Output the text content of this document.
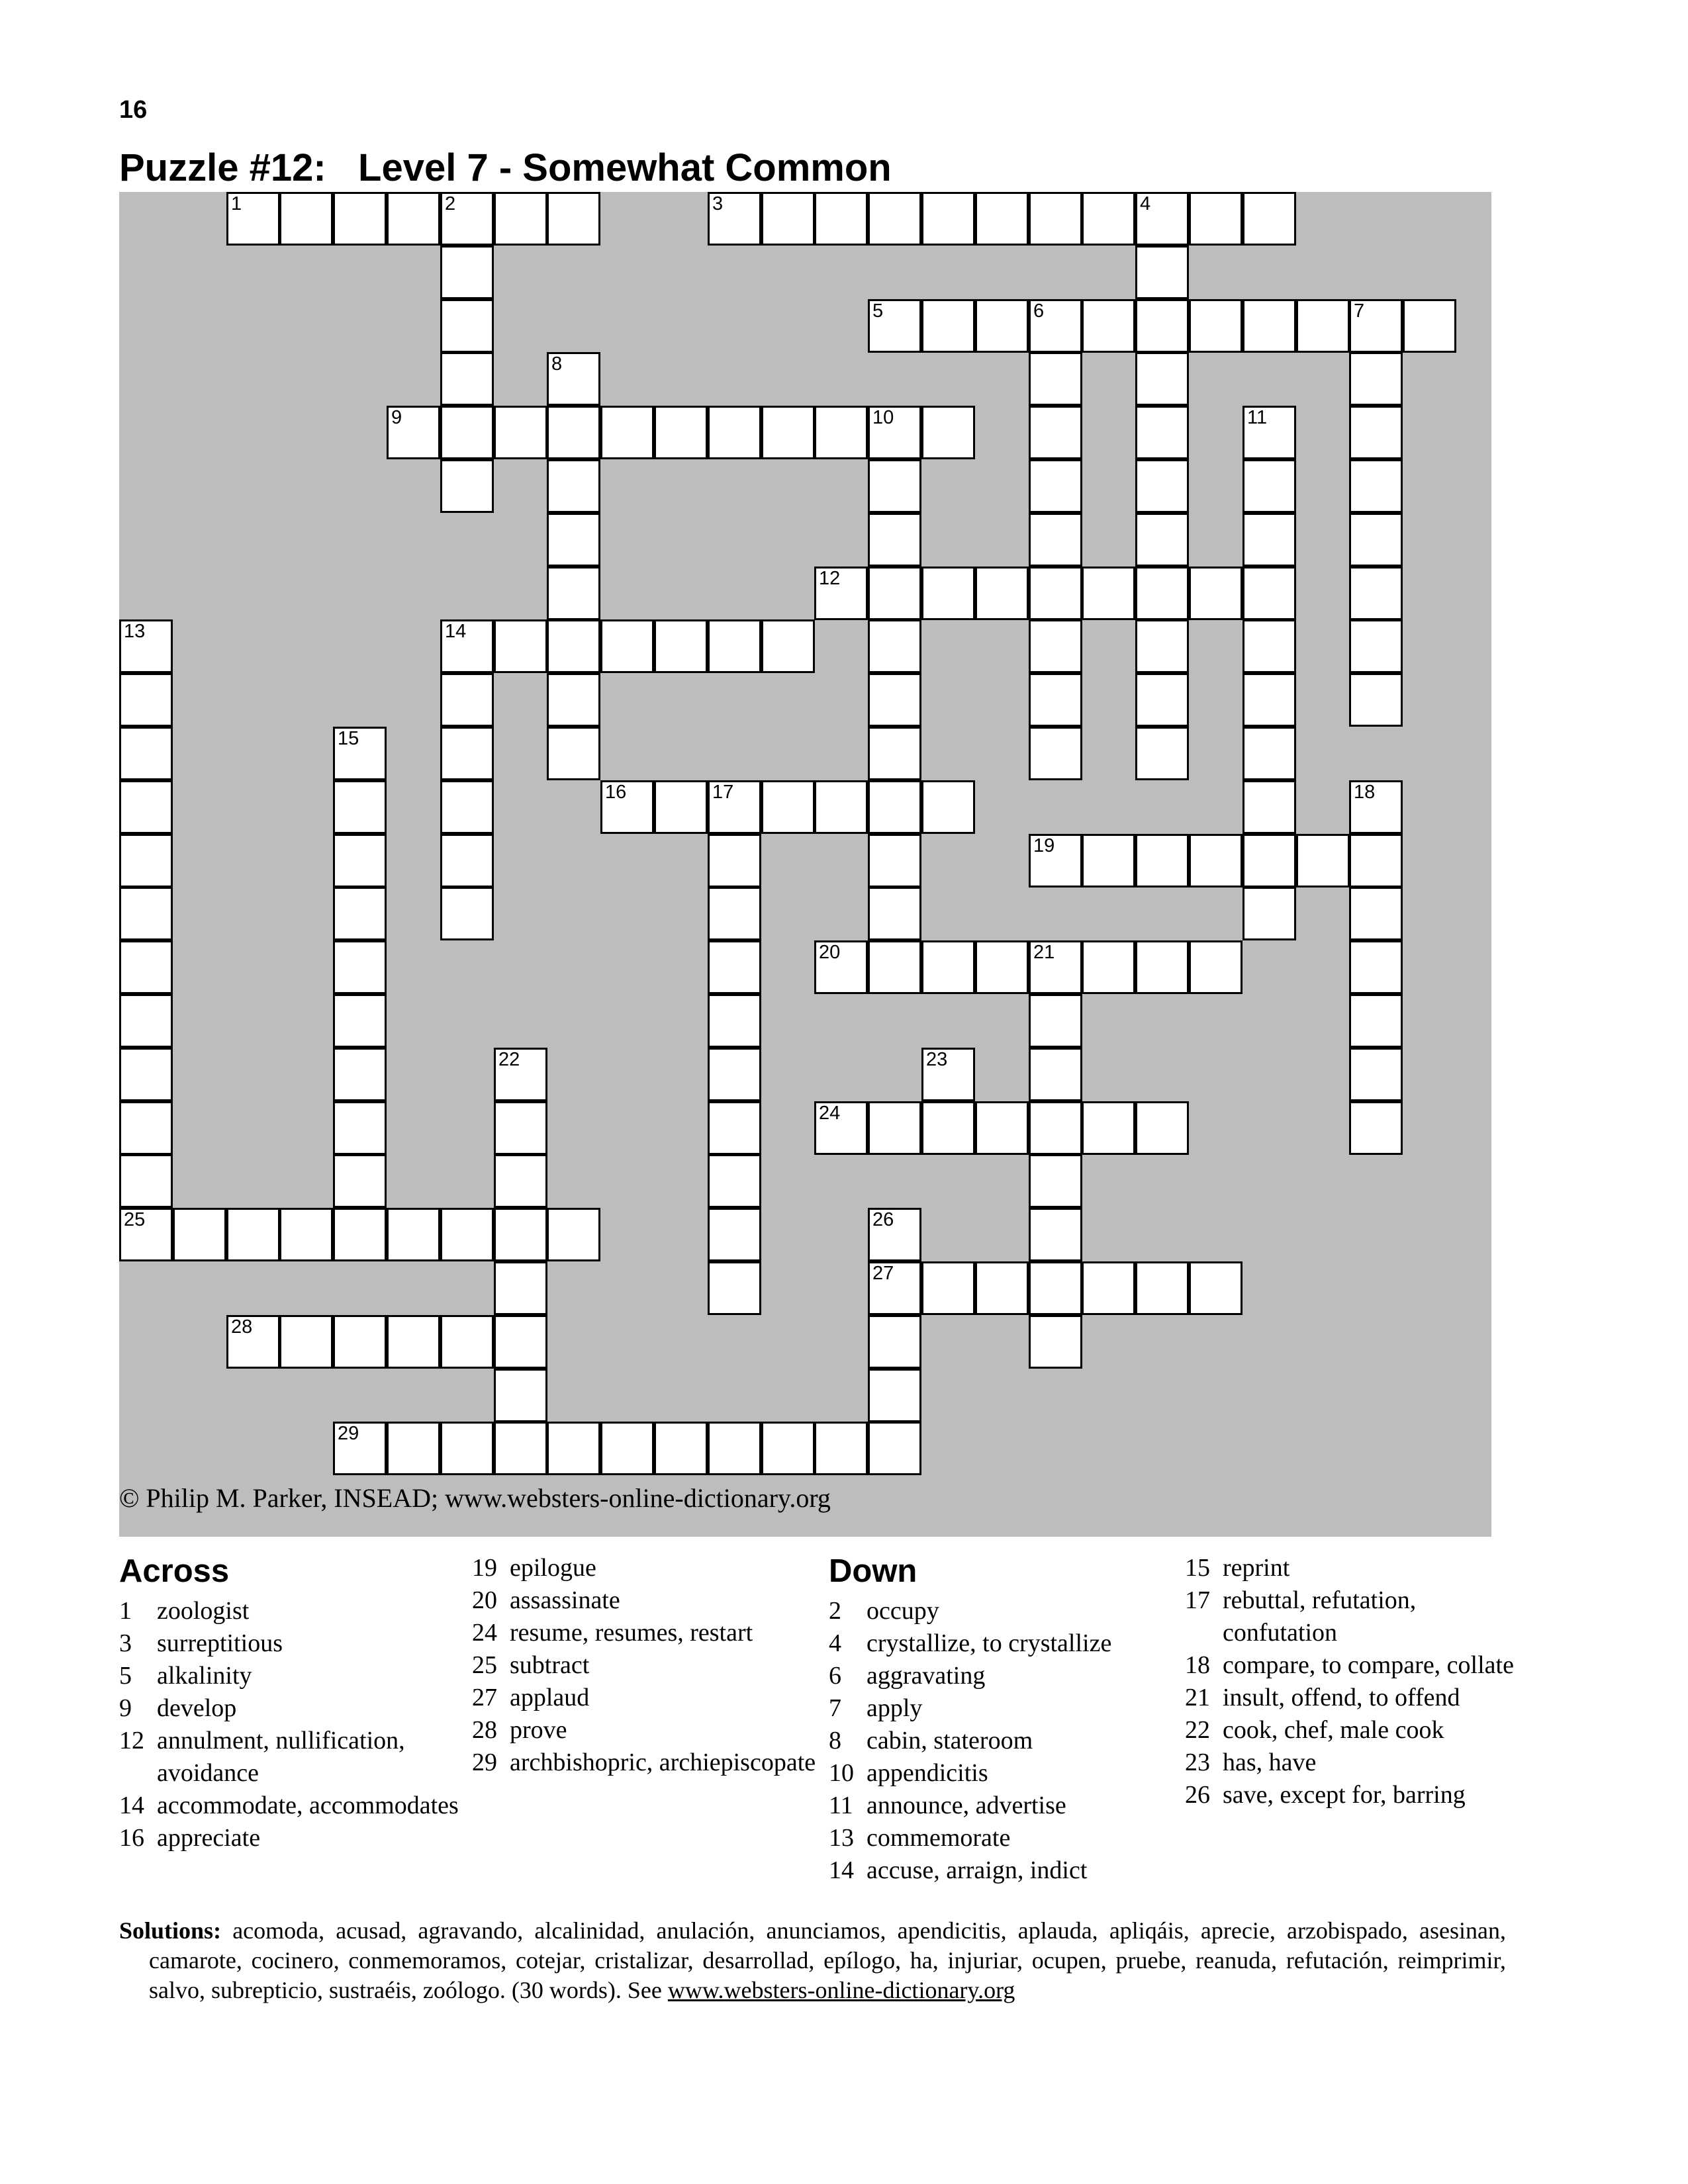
16
Puzzle #12:   Level 7 - Somewhat Common
1	2	3	4
5	6	7
9	10
12
14
16	17
19
20	21
24
25
27
28
29
8
11
13
15
18
22	23
26
© Philip M. Parker, INSEAD; www.websters-online-dictionary.org
Across
1 zoologist
3 surreptitious
5 alkalinity
9 develop
12 annulment, nullification, avoidance
14 accommodate, accommodates
16 appreciate
19 epilogue
20 assassinate
24 resume, resumes, restart
25 subtract
27 applaud
28 prove
29 archbishopric, archiepiscopate
Down
2 occupy
4 crystallize, to crystallize
6 aggravating
7 apply
8 cabin, stateroom
10 appendicitis
11 announce, advertise
13 commemorate
14 accuse, arraign, indict
15 reprint
17 rebuttal, refutation, confutation
18 compare, to compare, collate
21 insult, offend, to offend
22 cook, chef, male cook
23 has, have
26 save, except for, barring
Solutions: acomoda, acusad, agravando, alcalinidad, anulación, anunciamos, apendicitis, aplauda, apliqáis, aprecie, arzobispado, asesinan, camarote, cocinero, conmemoramos, cotejar, cristalizar, desarrollad, epílogo, ha, injuriar, ocupen, pruebe, reanuda, refutación, reimprimir, salvo, subrepticio, sustraéis, zoólogo. (30 words). See www.websters-online-dictionary.org
